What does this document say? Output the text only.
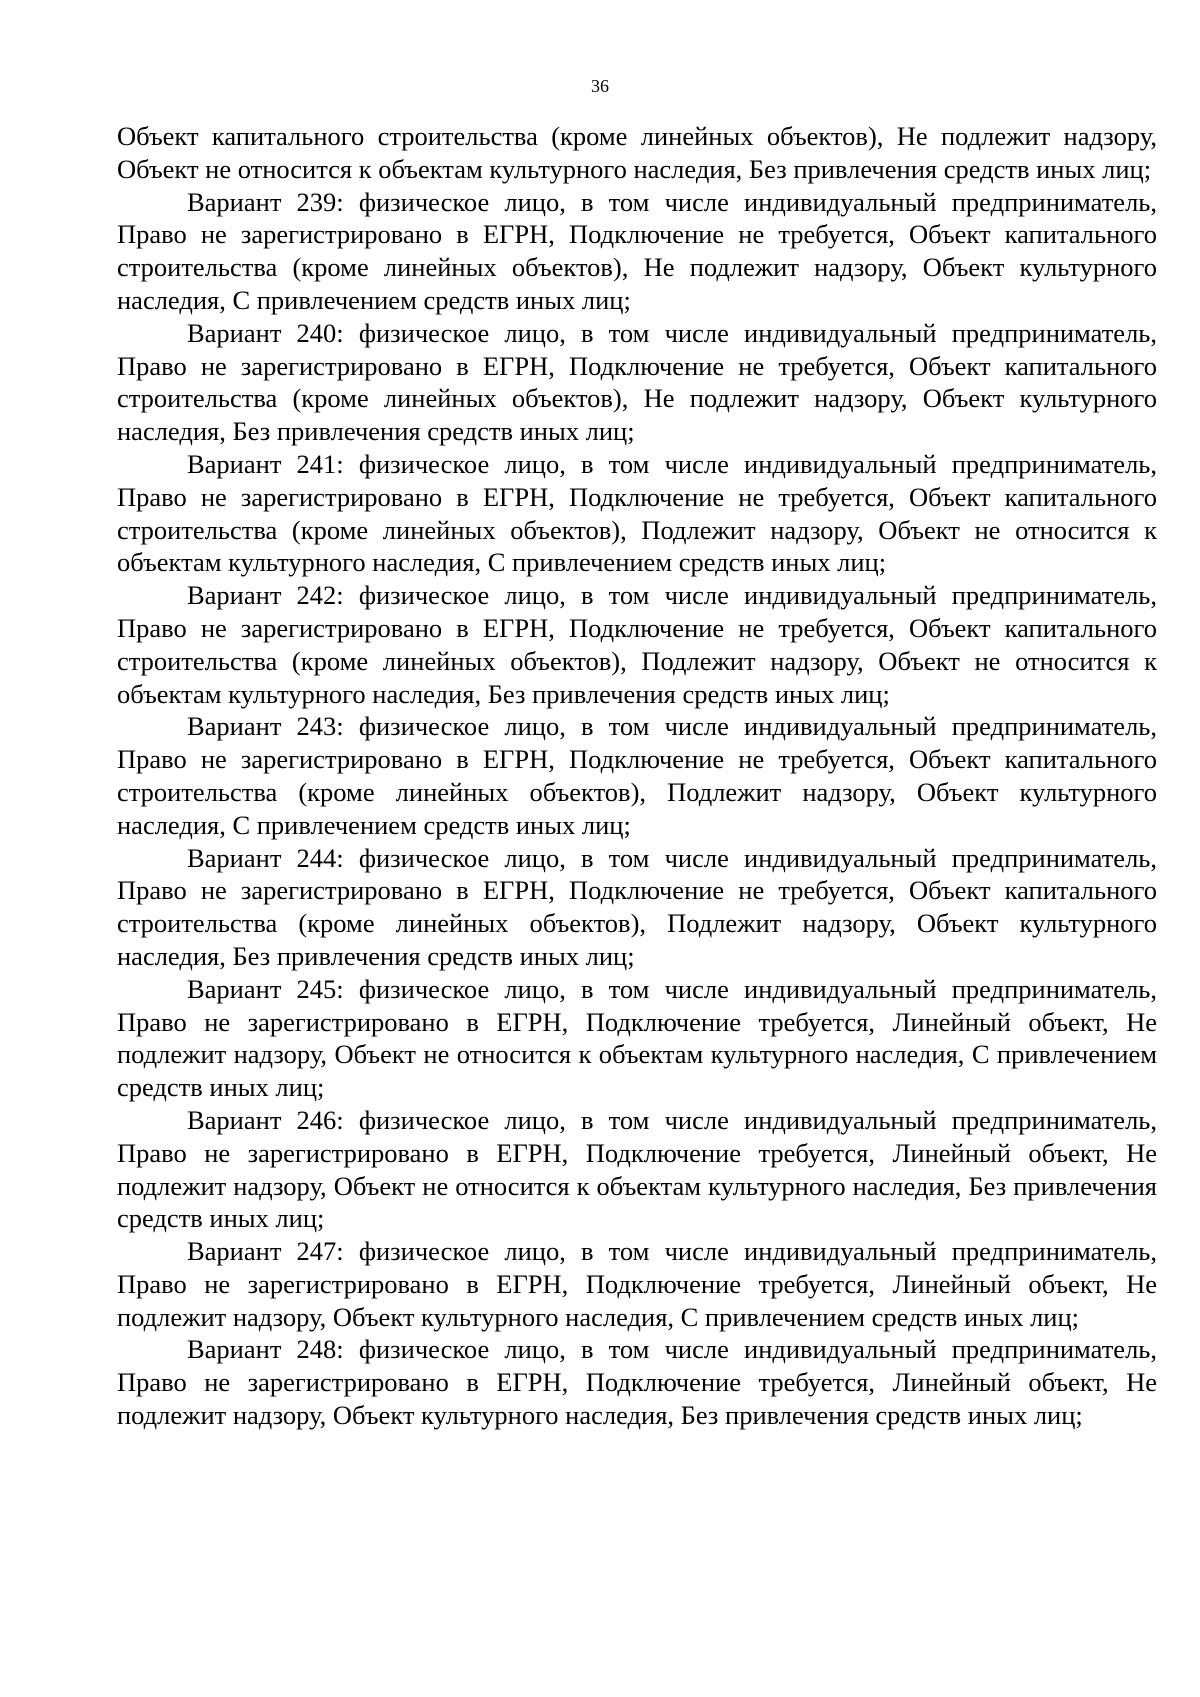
36

Объект капитального строительства (кроме линейных объектов), Не подлежит надзору, Объект не относится к объектам культурного наследия, Без привлечения средств иных лиц;

Вариант 239: физическое лицо, в том числе индивидуальный предприниматель, Право не зарегистрировано в ЕГРН, Подключение не требуется, Объект капитального строительства (кроме линейных объектов), Не подлежит надзору, Объект культурного наследия, С привлечением средств иных лиц;

Вариант 240: физическое лицо, в том числе индивидуальный предприниматель, Право не зарегистрировано в ЕГРН, Подключение не требуется, Объект капитального строительства (кроме линейных объектов), Не подлежит надзору, Объект культурного наследия, Без привлечения средств иных лиц;

Вариант 241: физическое лицо, в том числе индивидуальный предприниматель, Право не зарегистрировано в ЕГРН, Подключение не требуется, Объект капитального строительства (кроме линейных объектов), Подлежит надзору, Объект не относится к объектам культурного наследия, С привлечением средств иных лиц;

Вариант 242: физическое лицо, в том числе индивидуальный предприниматель, Право не зарегистрировано в ЕГРН, Подключение не требуется, Объект капитального строительства (кроме линейных объектов), Подлежит надзору, Объект не относится к объектам культурного наследия, Без привлечения средств иных лиц;

Вариант 243: физическое лицо, в том числе индивидуальный предприниматель, Право не зарегистрировано в ЕГРН, Подключение не требуется, Объект капитального строительства (кроме линейных объектов), Подлежит надзору, Объект культурного наследия, С привлечением средств иных лиц;

Вариант 244: физическое лицо, в том числе индивидуальный предприниматель, Право не зарегистрировано в ЕГРН, Подключение не требуется, Объект капитального строительства (кроме линейных объектов), Подлежит надзору, Объект культурного наследия, Без привлечения средств иных лиц;

Вариант 245: физическое лицо, в том числе индивидуальный предприниматель, Право не зарегистрировано в ЕГРН, Подключение требуется, Линейный объект, Не подлежит надзору, Объект не относится к объектам культурного наследия, С привлечением средств иных лиц;

Вариант 246: физическое лицо, в том числе индивидуальный предприниматель, Право не зарегистрировано в ЕГРН, Подключение требуется, Линейный объект, Не подлежит надзору, Объект не относится к объектам культурного наследия, Без привлечения средств иных лиц;

Вариант 247: физическое лицо, в том числе индивидуальный предприниматель, Право не зарегистрировано в ЕГРН, Подключение требуется, Линейный объект, Не подлежит надзору, Объект культурного наследия, С привлечением средств иных лиц;

Вариант 248: физическое лицо, в том числе индивидуальный предприниматель, Право не зарегистрировано в ЕГРН, Подключение требуется, Линейный объект, Не подлежит надзору, Объект культурного наследия, Без привлечения средств иных лиц;
